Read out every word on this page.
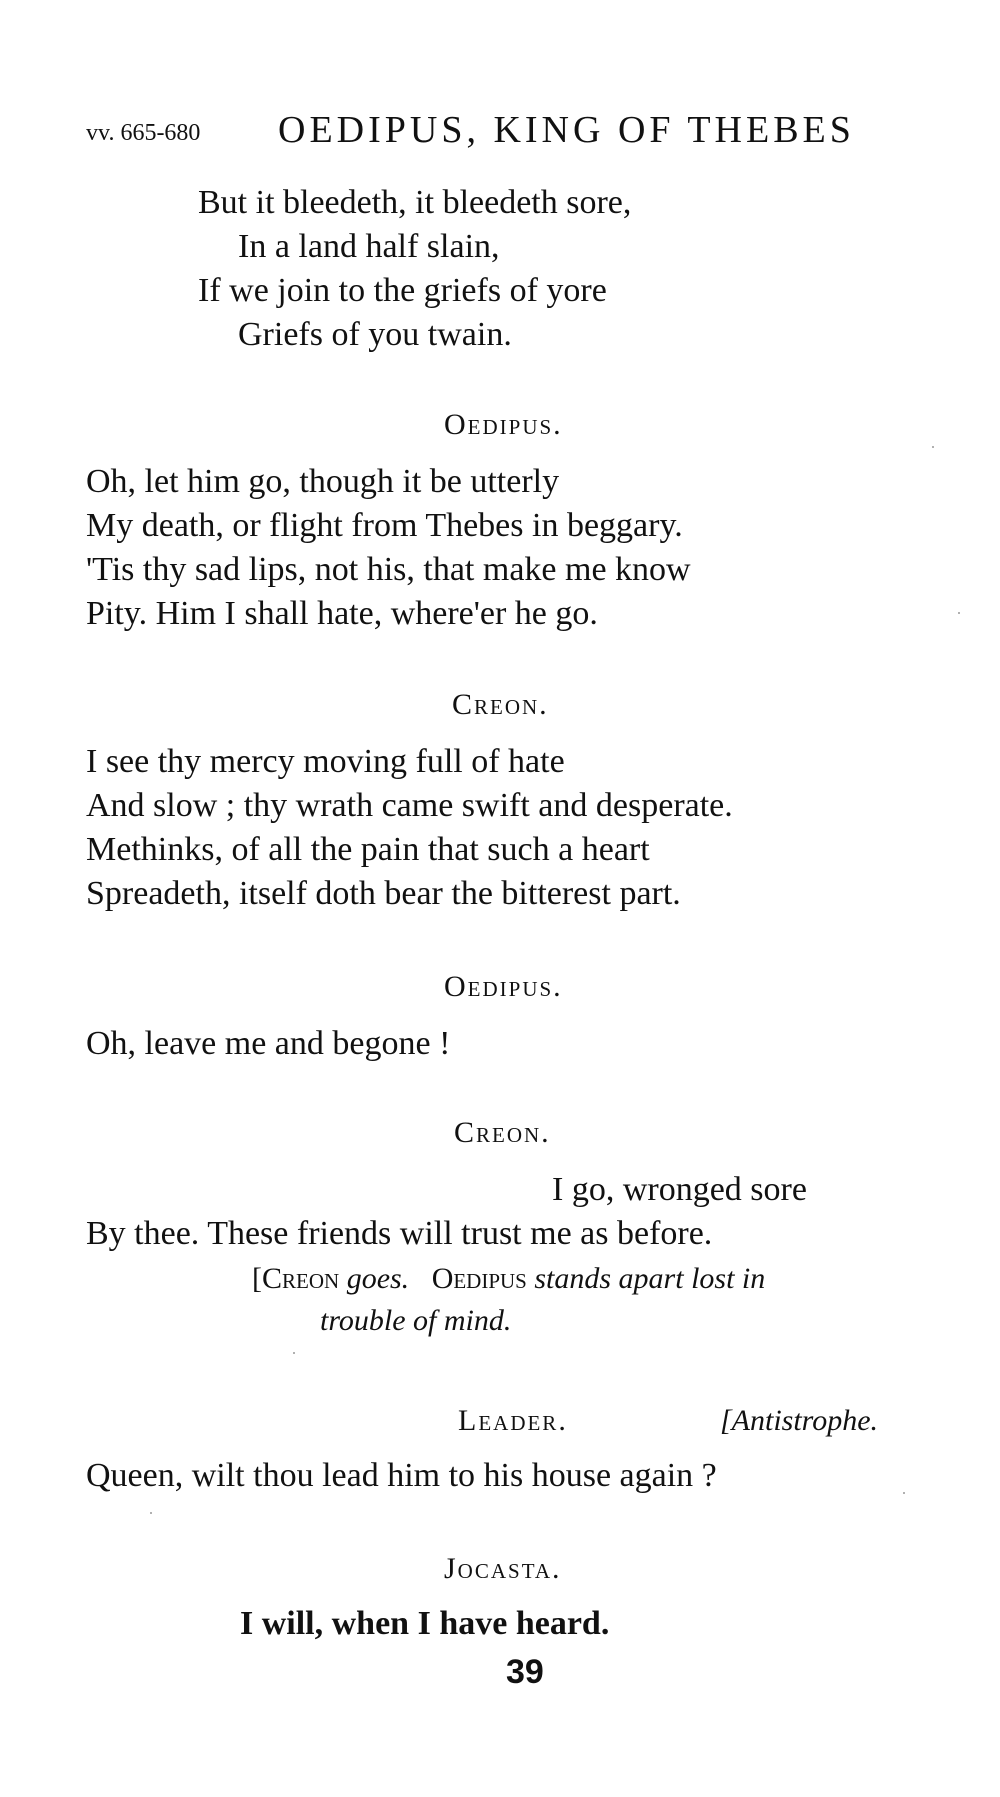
vv. 665-680 OEDIPUS, KING OF THEBES
But it bleedeth, it bleedeth sore,
In a land half slain,
If we join to the griefs of yore
Griefs of you twain.
Oedipus.
Oh, let him go, though it be utterly
My death, or flight from Thebes in beggary.
'Tis thy sad lips, not his, that make me know
Pity. Him I shall hate, where'er he go.
Creon.
I see thy mercy moving full of hate
And slow ; thy wrath came swift and desperate.
Methinks, of all the pain that such a heart
Spreadeth, itself doth bear the bitterest part.
Oedipus.
Oh, leave me and begone !
Creon.
I go, wronged sore
By thee. These friends will trust me as before.
[Creon goes. Oedipus stands apart lost in
trouble of mind.
Leader.	[Antistrophe.
Queen, wilt thou lead him to his house again ?
Jocasta.
I will, when I have heard.
39
